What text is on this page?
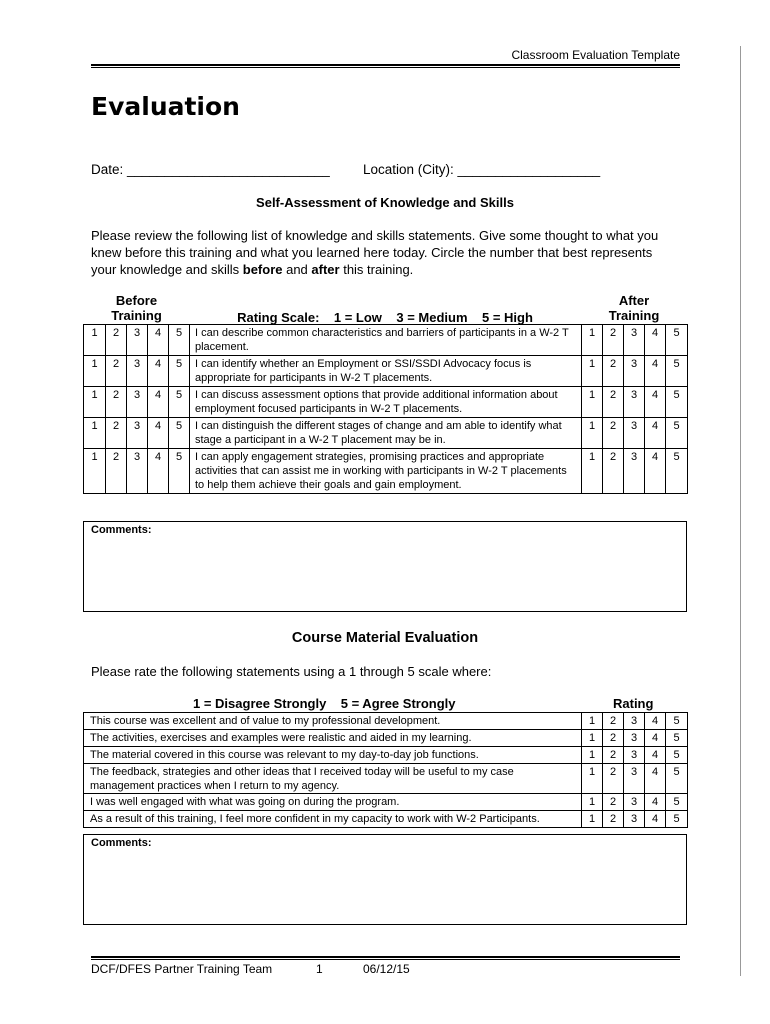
Classroom Evaluation Template
Evaluation
Date: ___________________________ Location (City): ___________________
Self-Assessment of Knowledge and Skills

Please review the following list of knowledge and skills statements. Give some thought to what you knew before this training and what you learned here today. Circle the number that best represents your knowledge and skills before and after this training.

Before
Training	Rating Scale:    1 = Low    3 = Medium    5 = High
After
Training
1	2	3	4	5	I can describe common characteristics and barriers of participants in a W-2 T placement.	1	2	3	4	5
1	2	3	4	5	I can identify whether an Employment or SSI/SSDI Advocacy focus is appropriate for participants in W-2 T placements.	1	2	3	4	5
1	2	3	4	5	I can discuss assessment options that provide additional information about employment focused participants in W-2 T placements.	1	2	3	4	5
1	2	3	4	5	I can distinguish the different stages of change and am able to identify what stage a participant in a W-2 T placement may be in.	1	2	3	4	5
1	2	3	4	5	I can apply engagement strategies, promising practices and appropriate activities that can assist me in working with participants in W-2 T placements to help them achieve their goals and gain employment.	1	2	3	4	5
Comments:
Course Material Evaluation
Please rate the following statements using a 1 through 5 scale where:
1 = Disagree Strongly    5 = Agree Strongly	Rating
This course was excellent and of value to my professional development.	1	2	3	4	5
The activities, exercises and examples were realistic and aided in my learning.	1	2	3	4	5
The material covered in this course was relevant to my day-to-day job functions.	1	2	3	4	5
The feedback, strategies and other ideas that I received today will be useful to my case management practices when I return to my agency.	1	2	3	4	5
I was well engaged with what was going on during the program.	1	2	3	4	5
As a result of this training, I feel more confident in my capacity to work with W-2 Participants.	1	2	3	4	5
Comments:
DCF/DFES Partner Training Team	1	06/12/15
